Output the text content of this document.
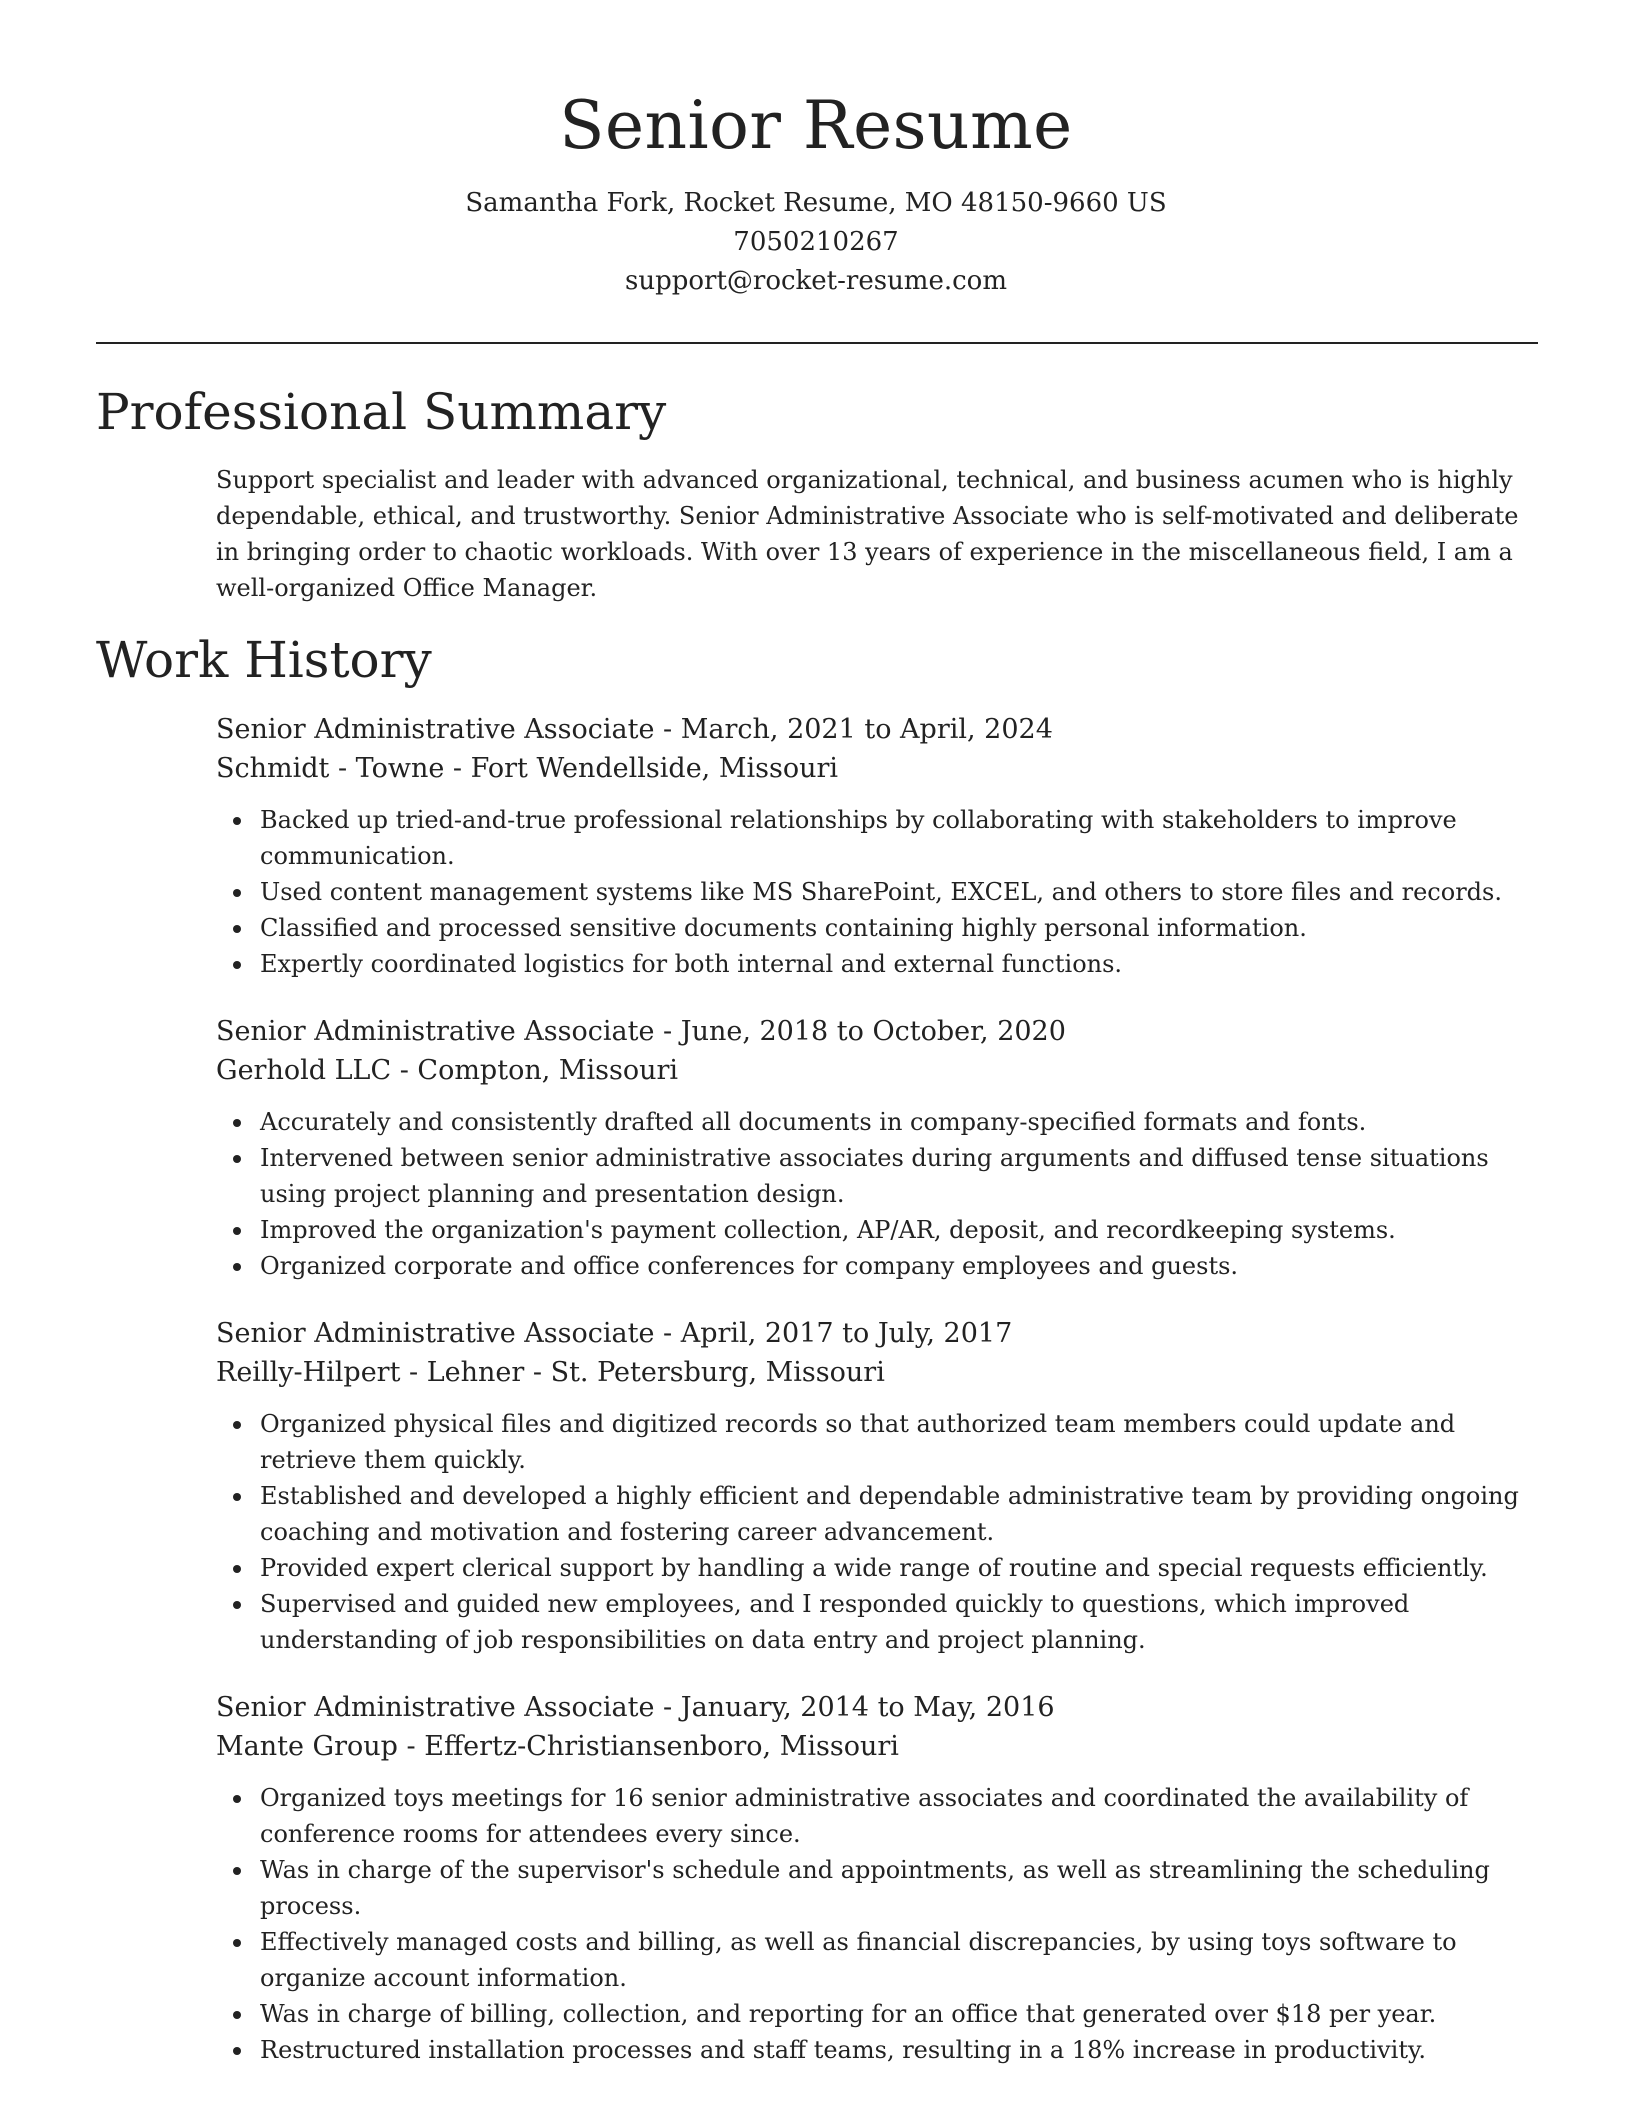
Senior Resume
Samantha Fork, Rocket Resume, MO 48150-9660 US
7050210267
support@rocket-resume.com
Professional Summary

Support specialist and leader with advanced organizational, technical, and business acumen who is highly dependable, ethical, and trustworthy. Senior Administrative Associate who is self-motivated and deliberate in bringing order to chaotic workloads. With over 13 years of experience in the miscellaneous field, I am a well-organized Office Manager.

Work History

Senior Administrative Associate - March, 2021 to April, 2024

Schmidt - Towne - Fort Wendellside, Missouri

Backed up tried-and-true professional relationships by collaborating with stakeholders to improve communication.
Used content management systems like MS SharePoint, EXCEL, and others to store files and records.
Classified and processed sensitive documents containing highly personal information.
Expertly coordinated logistics for both internal and external functions.

Senior Administrative Associate - June, 2018 to October, 2020

Gerhold LLC - Compton, Missouri

Accurately and consistently drafted all documents in company-specified formats and fonts.
Intervened between senior administrative associates during arguments and diffused tense situations using project planning and presentation design.
Improved the organization's payment collection, AP/AR, deposit, and recordkeeping systems.
Organized corporate and office conferences for company employees and guests.

Senior Administrative Associate - April, 2017 to July, 2017

Reilly-Hilpert - Lehner - St. Petersburg, Missouri

Organized physical files and digitized records so that authorized team members could update and retrieve them quickly.
Established and developed a highly efficient and dependable administrative team by providing ongoing coaching and motivation and fostering career advancement.
Provided expert clerical support by handling a wide range of routine and special requests efficiently.
Supervised and guided new employees, and I responded quickly to questions, which improved understanding of job responsibilities on data entry and project planning.

Senior Administrative Associate - January, 2014 to May, 2016

Mante Group - Effertz-Christiansenboro, Missouri

Organized toys meetings for 16 senior administrative associates and coordinated the availability of conference rooms for attendees every since.
Was in charge of the supervisor's schedule and appointments, as well as streamlining the scheduling process.
Effectively managed costs and billing, as well as financial discrepancies, by using toys software to organize account information.
Was in charge of billing, collection, and reporting for an office that generated over $18 per year.
Restructured installation processes and staff teams, resulting in a 18% increase in productivity.
